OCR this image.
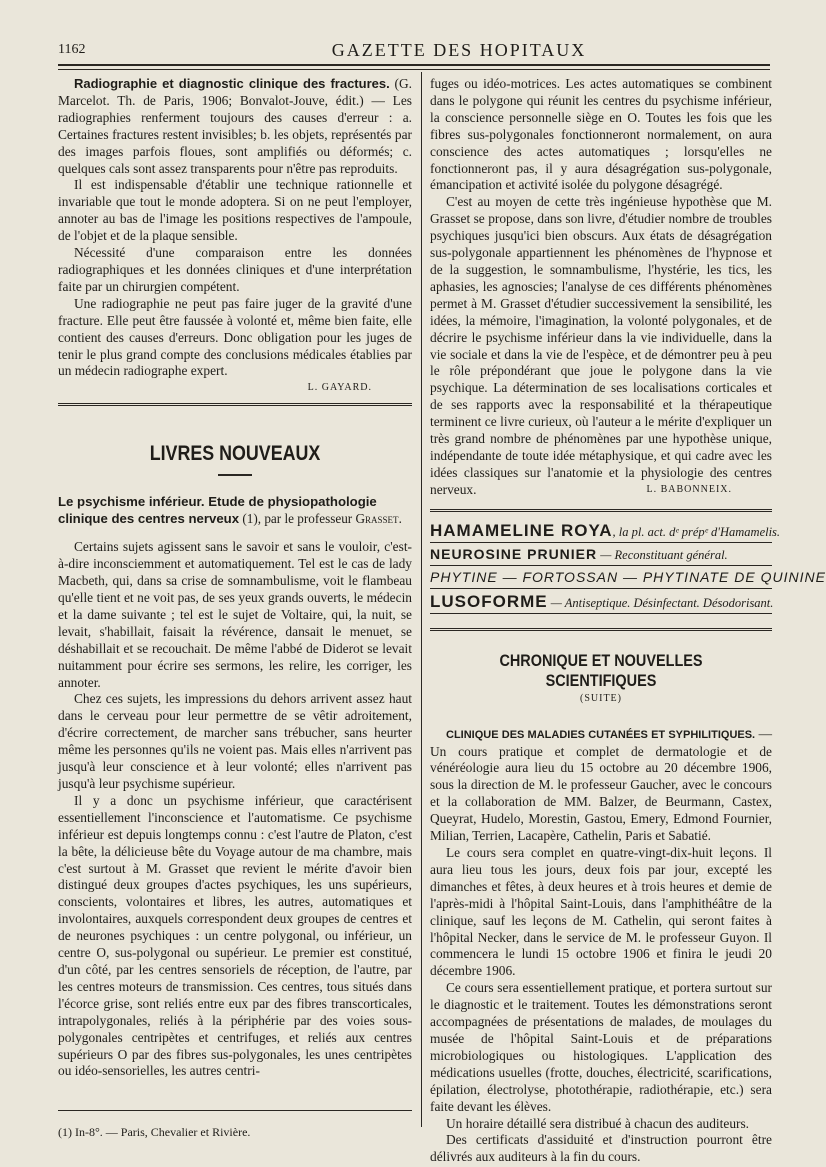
1162	GAZETTE DES HOPITAUX

Radiographie et diagnostic clinique des fractures. (G. Marcelot. Th. de Paris, 1906; Bonvalot-Jouve, édit.) — Les radiographies renferment toujours des causes d'erreur : a. Certaines fractures restent invisibles; b. les objets, représentés par des images parfois floues, sont amplifiés ou déformés; c. quelques cals sont assez transparents pour n'être pas reproduits.

Il est indispensable d'établir une technique rationnelle et invariable que tout le monde adoptera. Si on ne peut l'employer, annoter au bas de l'image les positions respectives de l'ampoule, de l'objet et de la plaque sensible.

Nécessité d'une comparaison entre les données radiographiques et les données cliniques et d'une interprétation faite par un chirurgien compétent.

Une radiographie ne peut pas faire juger de la gravité d'une fracture. Elle peut être faussée à volonté et, même bien faite, elle contient des causes d'erreurs. Donc obligation pour les juges de tenir le plus grand compte des conclusions médicales établies par un médecin radiographe expert.

L. GAYARD.
LIVRES NOUVEAUX
Le psychisme inférieur. Etude de physiopathologie clinique des centres nerveux (1), par le professeur Grasset.

Certains sujets agissent sans le savoir et sans le vouloir, c'est-à-dire inconsciemment et automatiquement. Tel est le cas de lady Macbeth, qui, dans sa crise de somnambulisme, voit le flambeau qu'elle tient et ne voit pas, de ses yeux grands ouverts, le médecin et la dame suivante ; tel est le sujet de Voltaire, qui, la nuit, se levait, s'habillait, faisait la révérence, dansait le menuet, se déshabillait et se recouchait. De même l'abbé de Diderot se levait nuitamment pour écrire ses sermons, les relire, les corriger, les annoter.

Chez ces sujets, les impressions du dehors arrivent assez haut dans le cerveau pour leur permettre de se vêtir adroitement, d'écrire correctement, de marcher sans trébucher, sans heurter même les personnes qu'ils ne voient pas. Mais elles n'arrivent pas jusqu'à leur conscience et à leur volonté; elles n'arrivent pas jusqu'à leur psychisme supérieur.

Il y a donc un psychisme inférieur, que caractérisent essentiellement l'inconscience et l'automatisme. Ce psychisme inférieur est depuis longtemps connu : c'est l'autre de Platon, c'est la bête, la délicieuse bête du Voyage autour de ma chambre, mais c'est surtout à M. Grasset que revient le mérite d'avoir bien distingué deux groupes d'actes psychiques, les uns supérieurs, conscients, volontaires et libres, les autres, automatiques et involontaires, auxquels correspondent deux groupes de centres et de neurones psychiques : un centre polygonal, ou inférieur, un centre O, sus-polygonal ou supérieur. Le premier est constitué, d'un côté, par les centres sensoriels de réception, de l'autre, par les centres moteurs de transmission. Ces centres, tous situés dans l'écorce grise, sont reliés entre eux par des fibres transcorticales, intrapolygonales, reliés à la périphérie par des voies sous-polygonales centripètes et centrifuges, et reliés aux centres supérieurs O par des fibres sus-polygonales, les unes centripètes ou idéo-sensorielles, les autres centri-

(1) In-8°. — Paris, Chevalier et Rivière.

fuges ou idéo-motrices. Les actes automatiques se combinent dans le polygone qui réunit les centres du psychisme inférieur, la conscience personnelle siège en O. Toutes les fois que les fibres sus-polygonales fonctionneront normalement, on aura conscience des actes automatiques ; lorsqu'elles ne fonctionneront pas, il y aura désagrégation sus-polygonale, émancipation et activité isolée du polygone désagrégé.

C'est au moyen de cette très ingénieuse hypothèse que M. Grasset se propose, dans son livre, d'étudier nombre de troubles psychiques jusqu'ici bien obscurs. Aux états de désagrégation sus-polygonale appartiennent les phénomènes de l'hypnose et de la suggestion, le somnambulisme, l'hystérie, les tics, les aphasies, les agnoscies; l'analyse de ces différents phénomènes permet à M. Grasset d'étudier successivement la sensibilité, les idées, la mémoire, l'imagination, la volonté polygonales, et de décrire le psychisme inférieur dans la vie individuelle, dans la vie sociale et dans la vie de l'espèce, et de démontrer peu à peu le rôle prépondérant que joue le polygone dans la vie psychique. La détermination de ses localisations corticales et de ses rapports avec la responsabilité et la thérapeutique terminent ce livre curieux, où l'auteur a le mérite d'expliquer un très grand nombre de phénomènes par une hypothèse unique, indépendante de toute idée métaphysique, et qui cadre avec les idées classiques sur l'anatomie et la physiologie des centres nerveux.	L. BABONNEIX.
HAMAMELINE ROYA, la pl. act. dᵉ prépᵉ d'Hamamelis.
NEUROSINE PRUNIER — Reconstituant général.
PHYTINE — FORTOSSAN — PHYTINATE DE QUININE
LUSOFORME — Antiseptique. Désinfectant. Désodorisant.
CHRONIQUE ET NOUVELLES SCIENTIFIQUES
(SUITE)

CLINIQUE DES MALADIES CUTANÉES ET SYPHILITIQUES. — Un cours pratique et complet de dermatologie et de vénéréologie aura lieu du 15 octobre au 20 décembre 1906, sous la direction de M. le professeur Gaucher, avec le concours et la collaboration de MM. Balzer, de Beurmann, Castex, Queyrat, Hudelo, Morestin, Gastou, Emery, Edmond Fournier, Milian, Terrien, Lacapère, Cathelin, Paris et Sabatié.

Le cours sera complet en quatre-vingt-dix-huit leçons. Il aura lieu tous les jours, deux fois par jour, excepté les dimanches et fêtes, à deux heures et à trois heures et demie de l'après-midi à l'hôpital Saint-Louis, dans l'amphithéâtre de la clinique, sauf les leçons de M. Cathelin, qui seront faites à l'hôpital Necker, dans le service de M. le professeur Guyon. Il commencera le lundi 15 octobre 1906 et finira le jeudi 20 décembre 1906.

Ce cours sera essentiellement pratique, et portera surtout sur le diagnostic et le traitement. Toutes les démonstrations seront accompagnées de présentations de malades, de moulages du musée de l'hôpital Saint-Louis et de préparations microbiologiques ou histologiques. L'application des médications usuelles (frotte, douches, électricité, scarifications, épilation, électrolyse, photothérapie, radiothérapie, etc.) sera faite devant les élèves.

Un horaire détaillé sera distribué à chacun des auditeurs.

Des certificats d'assiduité et d'instruction pourront être délivrés aux auditeurs à la fin du cours.
